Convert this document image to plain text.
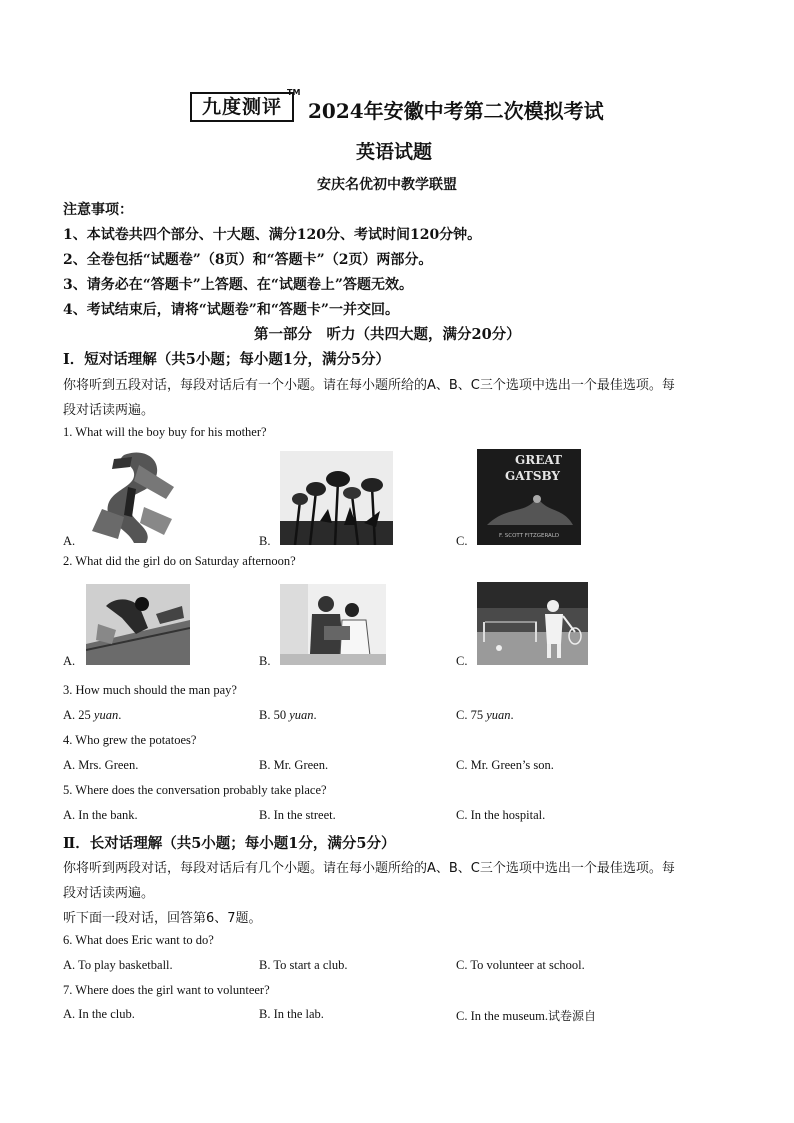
九度测评
TM
2024年安徽中考第二次模拟考试
英语试题
安庆名优初中教学联盟
注意事项：
1、本试卷共四个部分、十大题、满分120分、考试时间120分钟。
2、全卷包括“试题卷”（8页）和“答题卡”（2页）两部分。
3、请务必在“答题卡”上答题、在“试题卷上”答题无效。
4、考试结束后，请将“试题卷”和“答题卡”一并交回。
第一部分　听力（共四大题，满分20分）
Ⅰ．短对话理解（共5小题；每小题1分，满分5分）
你将听到五段对话，每段对话后有一个小题。请在每小题所给的A、B、C三个选项中选出一个最佳选项。每
段对话读两遍。
1. What will the boy buy for his mother?
A.	B.
GREAT
GATSBY
F. SCOTT FITZGERALD
C.
2. What did the girl do on Saturday afternoon?
A.	B.	C.
3. How much should the man pay?
A. 25 yuan.	B. 50 yuan.	C. 75 yuan.
4. Who grew the potatoes?
A. Mrs. Green.	B. Mr. Green.	C. Mr. Green’s son.
5. Where does the conversation probably take place?
A. In the bank.	B. In the street.	C. In the hospital.
Ⅱ．长对话理解（共5小题；每小题1分，满分5分）
你将听到两段对话，每段对话后有几个小题。请在每小题所给的A、B、C三个选项中选出一个最佳选项。每
段对话读两遍。
听下面一段对话，回答第6、7题。
6. What does Eric want to do?
A. To play basketball.	B. To start a club.	C. To volunteer at school.
7. Where does the girl want to volunteer?
A. In the club.	B. In the lab.	C. In the museum.试卷源自
